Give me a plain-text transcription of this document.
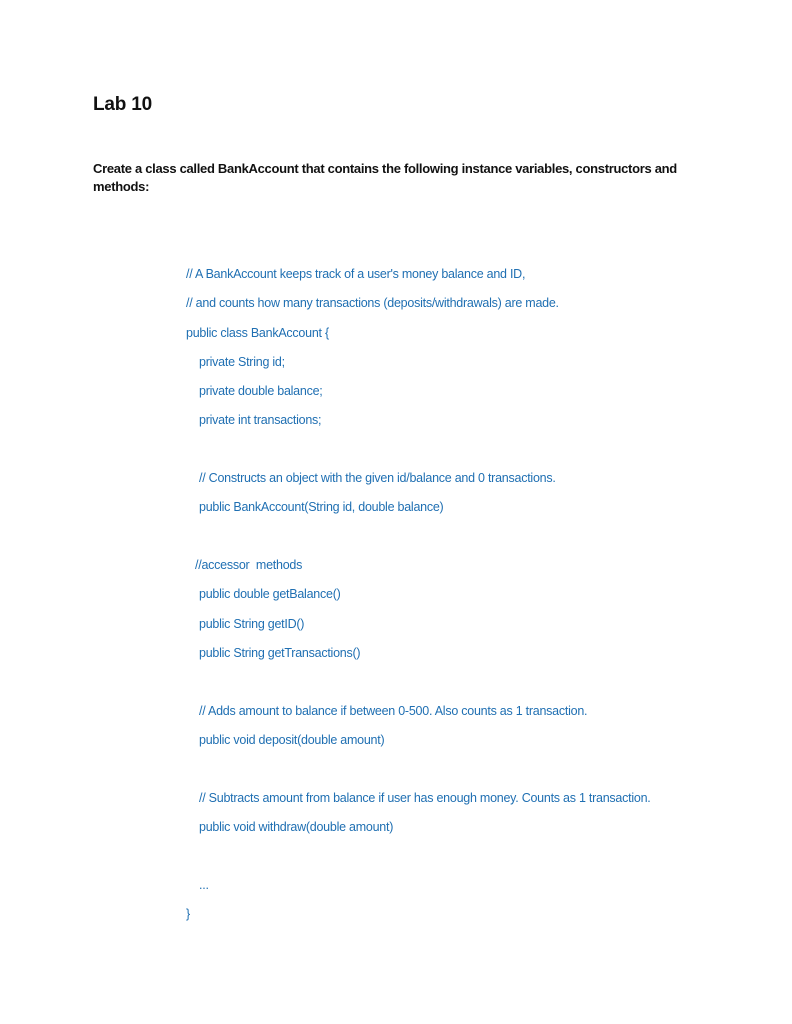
Lab 10
Create a class called BankAccount that contains the following instance variables, constructors and methods:
// A BankAccount keeps track of a user's money balance and ID,
// and counts how many transactions (deposits/withdrawals) are made.
public class BankAccount {
private String id;
private double balance;
private int transactions;
// Constructs an object with the given id/balance and 0 transactions.
public BankAccount(String id, double balance)
//accessor  methods
public double getBalance()
public String getID()
public String getTransactions()
// Adds amount to balance if between 0-500. Also counts as 1 transaction.
public void deposit(double amount)
// Subtracts amount from balance if user has enough money. Counts as 1 transaction.
public void withdraw(double amount)
...
}
